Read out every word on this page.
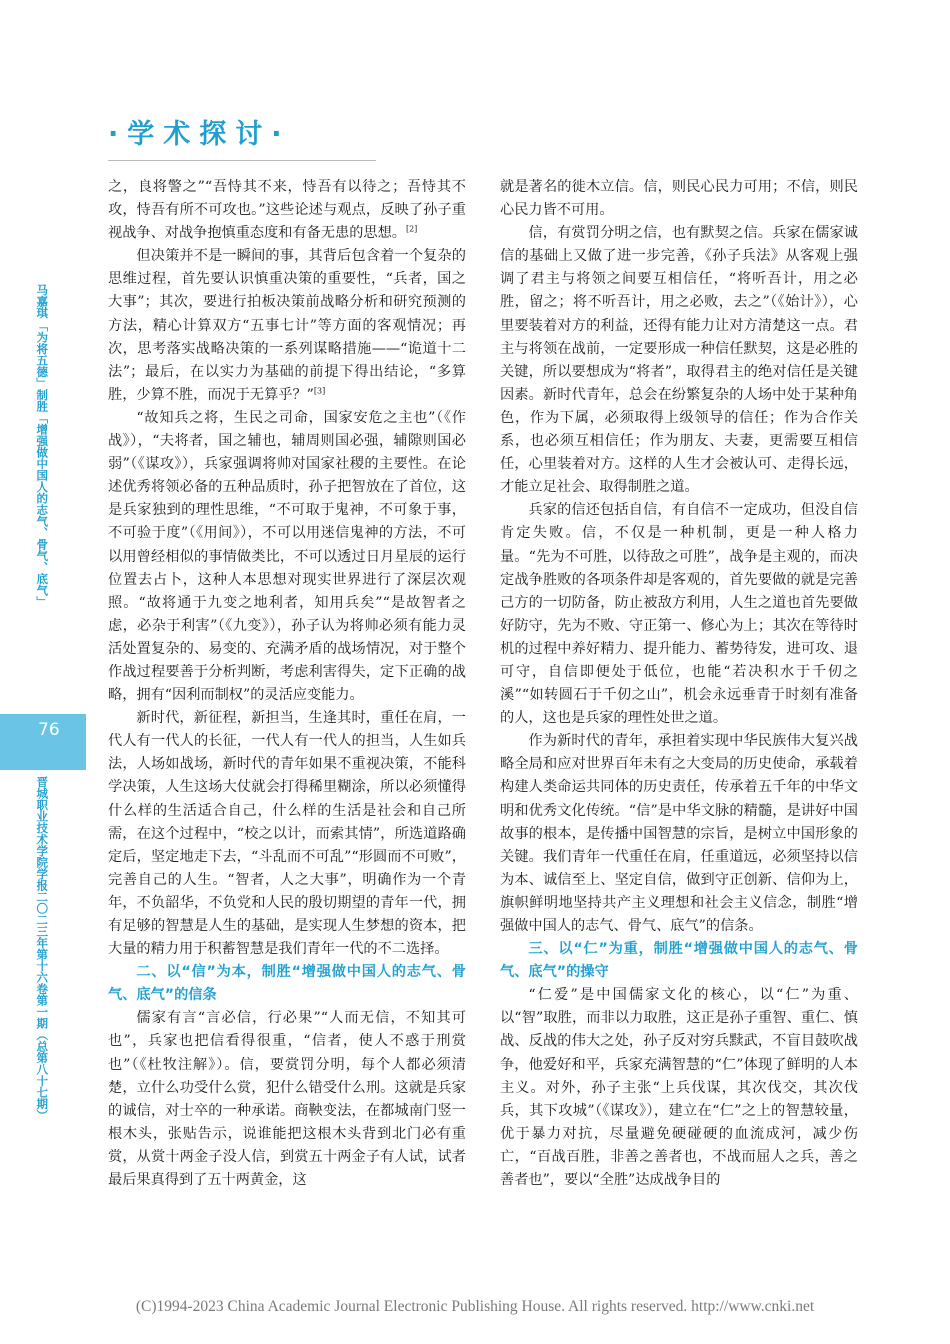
·学术探讨·
马嘉琪
「为将五德」制胜「增强做中国人的志气、骨气、底气」
76
晋城职业技术学院学报二〇二三年第十六卷第一期（总第八十七期）

之，良将警之”“吾恃其不来，恃吾有以待之；吾恃其不攻，恃吾有所不可攻也。”这些论述与观点，反映了孙子重视战争、对战争抱慎重态度和有备无患的思想。[2]

但决策并不是一瞬间的事，其背后包含着一个复杂的思维过程，首先要认识慎重决策的重要性，“兵者，国之大事”；其次，要进行拍板决策前战略分析和研究预测的方法，精心计算双方“五事七计”等方面的客观情况；再次，思考落实战略决策的一系列谋略措施——“诡道十二法”；最后，在以实力为基础的前提下得出结论，“多算胜，少算不胜，而况于无算乎？”[3]

“故知兵之将，生民之司命，国家安危之主也”（《作战》），“夫将者，国之辅也，辅周则国必强，辅隙则国必弱”（《谋攻》），兵家强调将帅对国家社稷的主要性。在论述优秀将领必备的五种品质时，孙子把智放在了首位，这是兵家独到的理性思维，“不可取于鬼神，不可象于事，不可验于度”（《用间》），不可以用迷信鬼神的方法，不可以用曾经相似的事情做类比，不可以透过日月星辰的运行位置去占卜，这种人本思想对现实世界进行了深层次观照。“故将通于九变之地利者，知用兵矣”“是故智者之虑，必杂于利害”（《九变》），孙子认为将帅必须有能力灵活处置复杂的、易变的、充满矛盾的战场情况，对于整个作战过程要善于分析判断，考虑利害得失，定下正确的战略，拥有“因利而制权”的灵活应变能力。

新时代，新征程，新担当，生逢其时，重任在肩，一代人有一代人的长征，一代人有一代人的担当，人生如兵法，人场如战场，新时代的青年如果不重视决策，不能科学决策，人生这场大仗就会打得稀里糊涂，所以必须懂得什么样的生活适合自己，什么样的生活是社会和自己所需，在这个过程中，“校之以计，而索其情”，所选道路确定后，坚定地走下去，“斗乱而不可乱”“形圆而不可败”，完善自己的人生。“智者，人之大事”，明确作为一个青年，不负韶华，不负党和人民的殷切期望的青年一代，拥有足够的智慧是人生的基础，是实现人生梦想的资本，把大量的精力用于积蓄智慧是我们青年一代的不二选择。

二、以“信”为本，制胜“增强做中国人的志气、骨气、底气”的信条

儒家有言“言必信，行必果”“人而无信，不知其可也”，兵家也把信看得很重，“信者，使人不惑于刑赏也”（《杜牧注解》）。信，要赏罚分明，每个人都必须清楚，立什么功受什么赏，犯什么错受什么刑。这就是兵家的诚信，对士卒的一种承诺。商鞅变法，在都城南门竖一根木头，张贴告示，说谁能把这根木头背到北门必有重赏，从赏十两金子没人信，到赏五十两金子有人试，试者最后果真得到了五十两黄金，这

就是著名的徙木立信。信，则民心民力可用；不信，则民心民力皆不可用。

信，有赏罚分明之信，也有默契之信。兵家在儒家诚信的基础上又做了进一步完善，《孙子兵法》从客观上强调了君主与将领之间要互相信任，“将听吾计，用之必胜，留之；将不听吾计，用之必败，去之”（《始计》），心里要装着对方的利益，还得有能力让对方清楚这一点。君主与将领在战前，一定要形成一种信任默契，这是必胜的关键，所以要想成为“将者”，取得君主的绝对信任是关键因素。新时代青年，总会在纷繁复杂的人场中处于某种角色，作为下属，必须取得上级领导的信任；作为合作关系，也必须互相信任；作为朋友、夫妻，更需要互相信任，心里装着对方。这样的人生才会被认可、走得长远，才能立足社会、取得制胜之道。

兵家的信还包括自信，有自信不一定成功，但没自信肯定失败。信，不仅是一种机制，更是一种人格力量。“先为不可胜，以待敌之可胜”，战争是主观的，而决定战争胜败的各项条件却是客观的，首先要做的就是完善己方的一切防备，防止被敌方利用，人生之道也首先要做好防守，先为不败、守正第一、修心为上；其次在等待时机的过程中养好精力、提升能力、蓄势待发，进可攻、退可守，自信即便处于低位，也能“若决积水于千仞之溪”“如转圆石于千仞之山”，机会永远垂青于时刻有准备的人，这也是兵家的理性处世之道。

作为新时代的青年，承担着实现中华民族伟大复兴战略全局和应对世界百年未有之大变局的历史使命，承载着构建人类命运共同体的历史责任，传承着五千年的中华文明和优秀文化传统。“信”是中华文脉的精髓，是讲好中国故事的根本，是传播中国智慧的宗旨，是树立中国形象的关键。我们青年一代重任在肩，任重道远，必须坚持以信为本、诚信至上、坚定自信，做到守正创新、信仰为上，旗帜鲜明地坚持共产主义理想和社会主义信念，制胜“增强做中国人的志气、骨气、底气”的信条。

三、以“仁”为重，制胜“增强做中国人的志气、骨气、底气”的操守

“仁爱”是中国儒家文化的核心，以“仁”为重、以“智”取胜，而非以力取胜，这正是孙子重智、重仁、慎战、反战的伟大之处，孙子反对穷兵黩武，不盲目鼓吹战争，他爱好和平，兵家充满智慧的“仁”体现了鲜明的人本主义。对外，孙子主张“上兵伐谋，其次伐交，其次伐兵，其下攻城”（《谋攻》），建立在“仁”之上的智慧较量，优于暴力对抗，尽量避免硬碰硬的血流成河，减少伤亡，“百战百胜，非善之善者也，不战而屈人之兵，善之善者也”，要以“全胜”达成战争目的

(C)1994-2023 China Academic Journal Electronic Publishing House. All rights reserved. http://www.cnki.net
